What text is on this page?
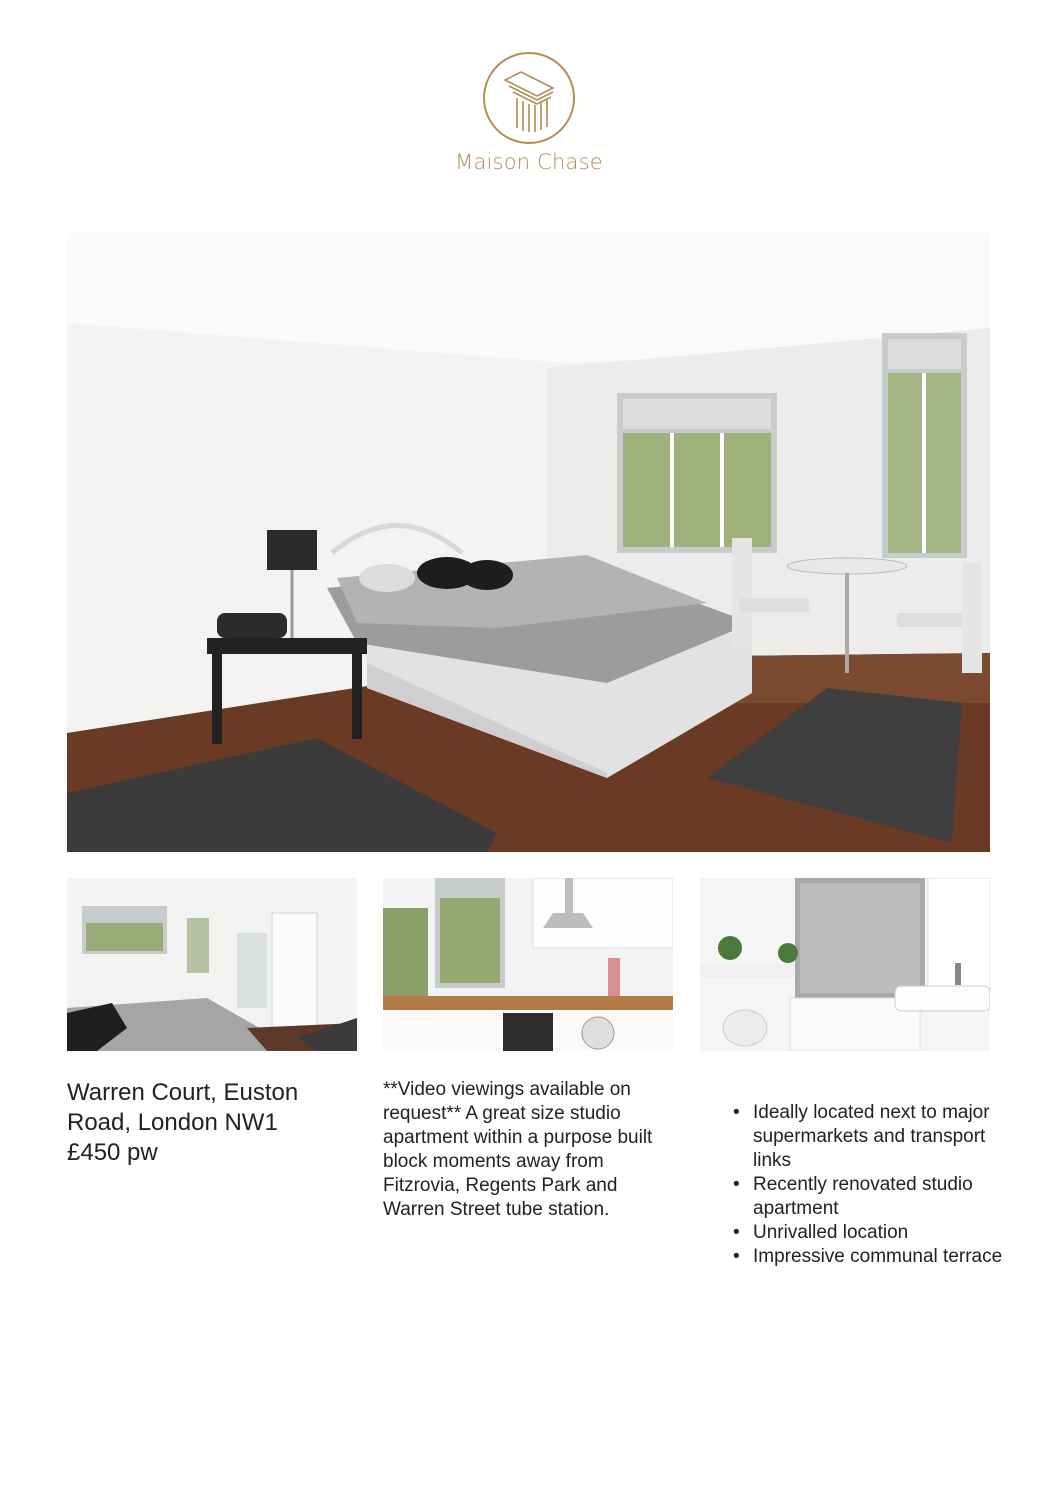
Maison Chase
Warren Court, Euston
Road, London NW1
£450 pw
**Video viewings available on request** A great size studio apartment within a purpose built block moments away from Fitzrovia, Regents Park and Warren Street tube station.
• Ideally located next to major supermarkets and transport links
• Recently renovated studio apartment
• Unrivalled location
• Impressive communal terrace
